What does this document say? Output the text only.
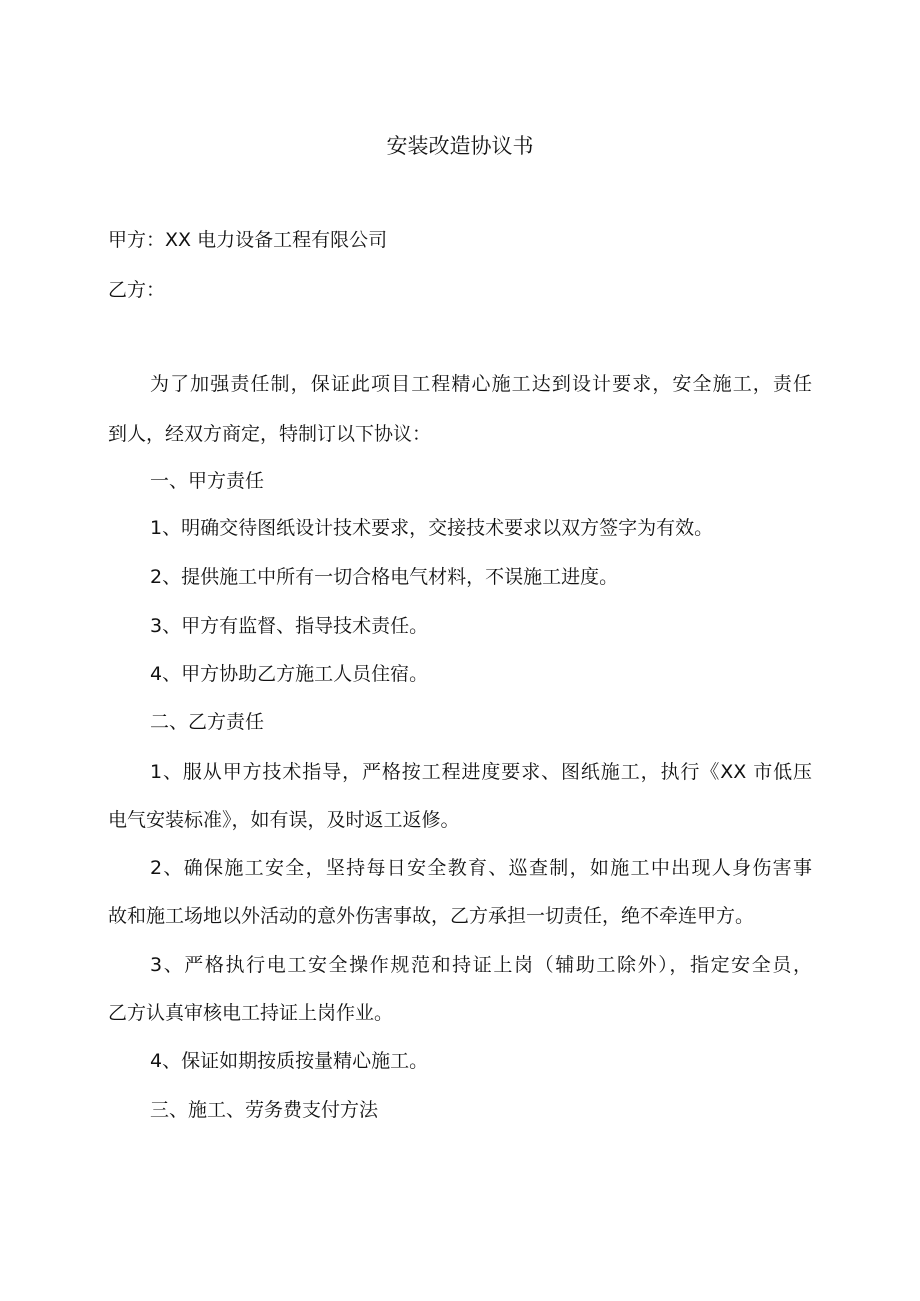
安装改造协议书
甲方：XX 电力设备工程有限公司
乙方：
为了加强责任制，保证此项目工程精心施工达到设计要求，安全施工，责任
到人，经双方商定，特制订以下协议：
一、甲方责任
1、明确交待图纸设计技术要求，交接技术要求以双方签字为有效。
2、提供施工中所有一切合格电气材料，不误施工进度。
3、甲方有监督、指导技术责任。
4、甲方协助乙方施工人员住宿。
二、乙方责任
1、服从甲方技术指导，严格按工程进度要求、图纸施工，执行《XX 市低压
电气安装标准》，如有误，及时返工返修。
2、确保施工安全，坚持每日安全教育、巡查制，如施工中出现人身伤害事
故和施工场地以外活动的意外伤害事故，乙方承担一切责任，绝不牵连甲方。
3、严格执行电工安全操作规范和持证上岗（辅助工除外），指定安全员，
乙方认真审核电工持证上岗作业。
4、保证如期按质按量精心施工。
三、施工、劳务费支付方法
